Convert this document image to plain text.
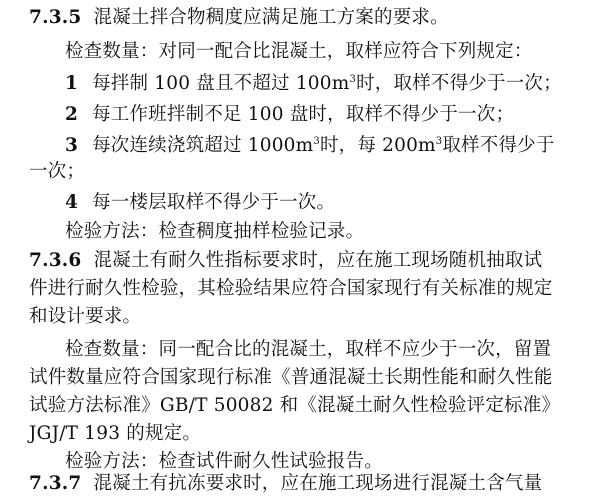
7.3.5 混凝土拌合物稠度应满足施工方案的要求。
检查数量：对同一配合比混凝土，取样应符合下列规定：
1 每拌制 100 盘且不超过 $100m^3$时，取样不得少于一次；
2 每工作班拌制不足 100 盘时，取样不得少于一次；
3 每次连续浇筑超过 $1000m^3$时，每 $200m^3$取样不得少于
一次；
4 每一楼层取样不得少于一次。
检验方法：检查稠度抽样检验记录。
7.3.6 混凝土有耐久性指标要求时，应在施工现场随机抽取试
件进行耐久性检验，其检验结果应符合国家现行有关标准的规定
和设计要求。
检查数量：同一配合比的混凝土，取样不应少于一次，留置
试件数量应符合国家现行标准《普通混凝土长期性能和耐久性能
试验方法标准》GB/T 50082 和《混凝土耐久性检验评定标准》
JGJ/T 193 的规定。
检验方法：检查试件耐久性试验报告。
7.3.7 混凝土有抗冻要求时，应在施工现场进行混凝土含气量
